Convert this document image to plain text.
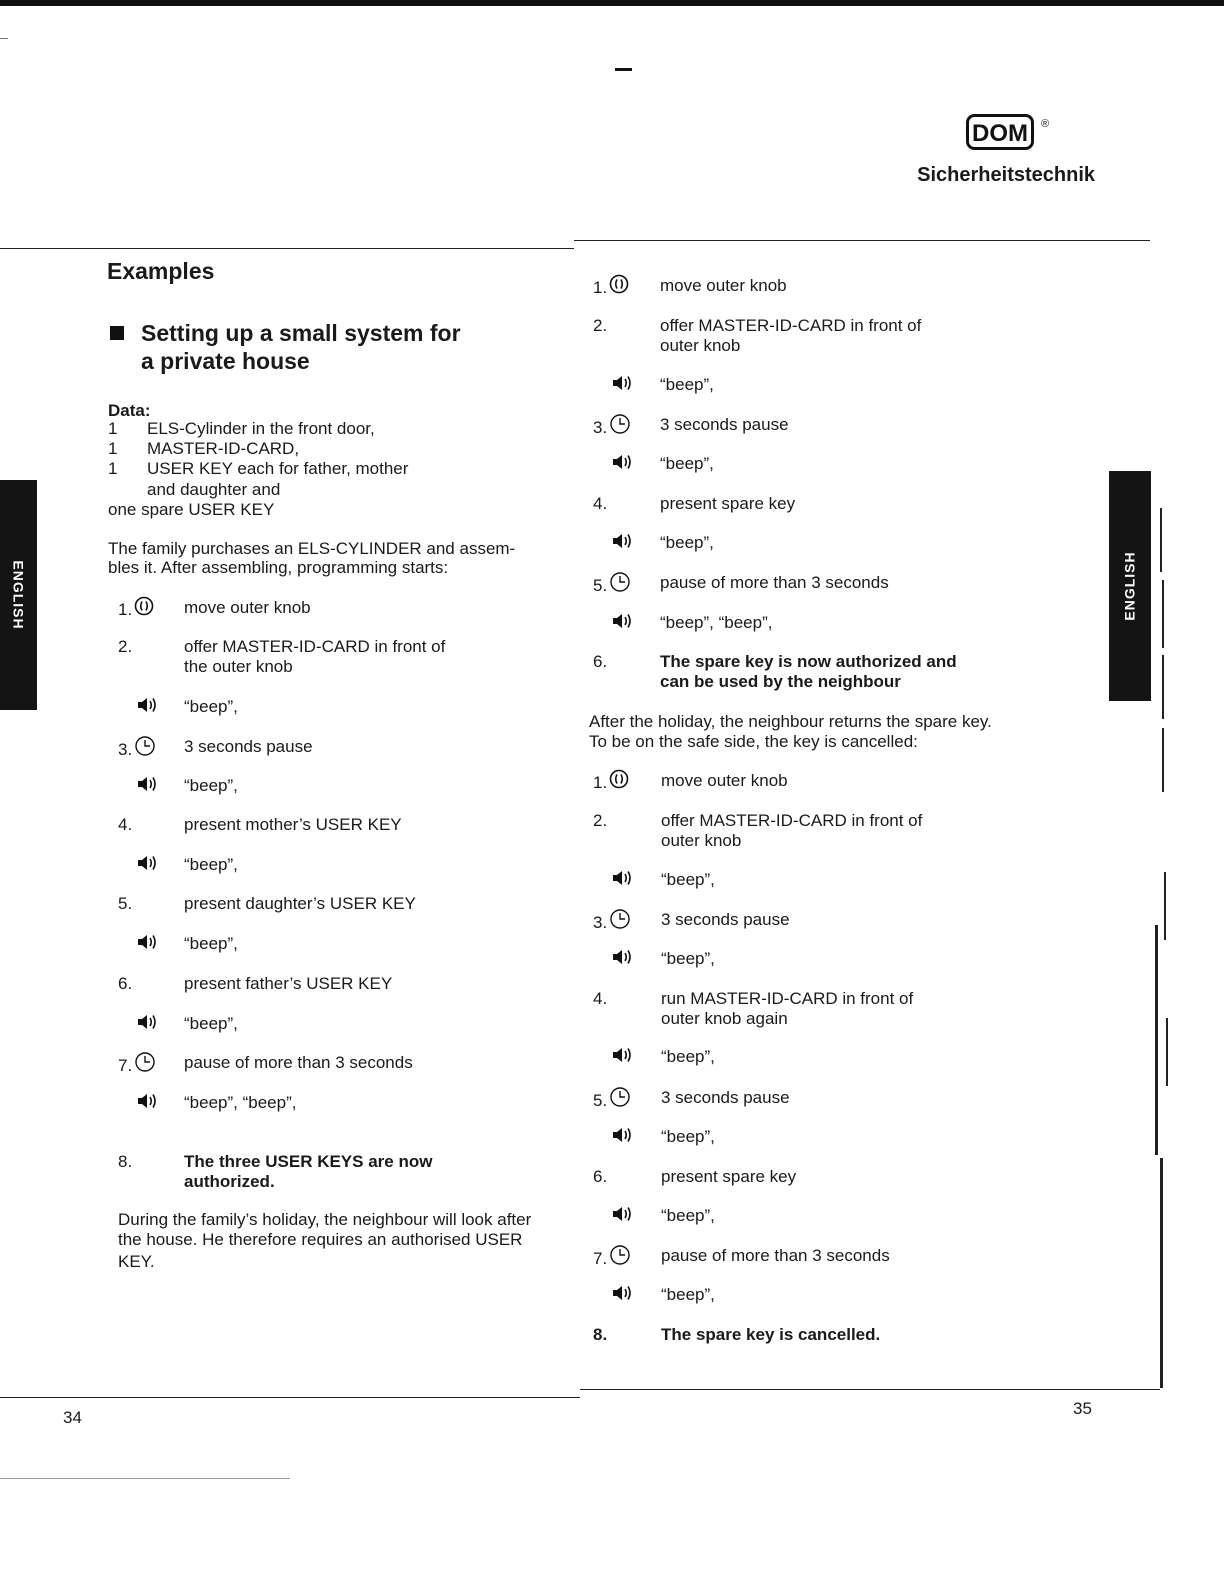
DOM ®
Sicherheitstechnik
ENGLISH	ENGLISH
Examples
Setting up a small system for
a private house
Data:
1 ELS-Cylinder in the front door,
1 MASTER-ID-CARD,
1 USER KEY each for father, mother
and daughter and
one spare USER KEY
The family purchases an ELS-CYLINDER and assem-
bles it. After assembling, programming starts:
1.	move outer knob
2.	offer MASTER-ID-CARD in front of
the outer knob
“beep”,
3.	3 seconds pause
“beep”,
4.	present mother’s USER KEY
“beep”,
5.	present daughter’s USER KEY
“beep”,
6.	present father’s USER KEY
“beep”,
7.	pause of more than 3 seconds
“beep”, “beep”,
8.	The three USER KEYS are now
authorized.
During the family’s holiday, the neighbour will look after
the house. He therefore requires an authorised USER
KEY.
1.	move outer knob
2.	offer MASTER-ID-CARD in front of
outer knob
“beep”,
3.	3 seconds pause
“beep”,
4.	present spare key
“beep”,
5.	pause of more than 3 seconds
“beep”, “beep”,
6.	The spare key is now authorized and
can be used by the neighbour
After the holiday, the neighbour returns the spare key.
To be on the safe side, the key is cancelled:
1.	move outer knob
2.	offer MASTER-ID-CARD in front of
outer knob
“beep”,
3.	3 seconds pause
“beep”,
4.	run MASTER-ID-CARD in front of
outer knob again
“beep”,
5.	3 seconds pause
“beep”,
6.	present spare key
“beep”,
7.	pause of more than 3 seconds
“beep”,
8.	The spare key is cancelled.
34	35
